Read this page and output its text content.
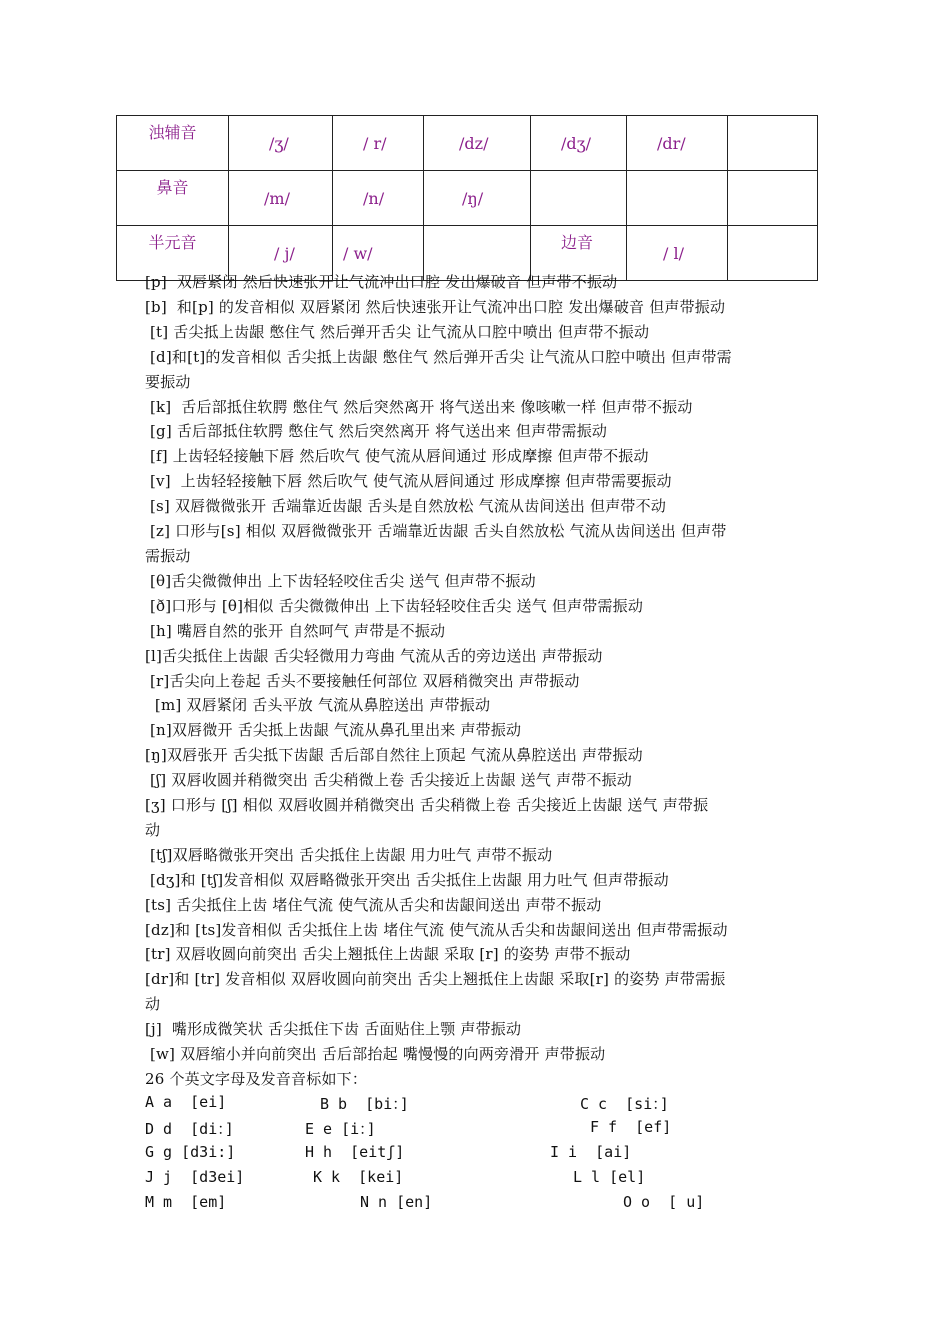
浊辅音	/ʒ/	/ r/	/dz/	/dʒ/	/dr/	
鼻音	/m/	/n/	/ŋ/			
半元音	/ j/	/ w/		边音	/ l/	
[p]  双唇紧闭 然后快速张开让气流冲出口腔 发出爆破音 但声带不振动
[b]  和[p] 的发音相似 双唇紧闭 然后快速张开让气流冲出口腔 发出爆破音 但声带振动
[t] 舌尖抵上齿龈 憋住气 然后弹开舌尖 让气流从口腔中喷出 但声带不振动
[d]和[t]的发音相似 舌尖抵上齿龈 憋住气 然后弹开舌尖 让气流从口腔中喷出 但声带需
要振动
[k]  舌后部抵住软腭 憋住气 然后突然离开 将气送出来 像咳嗽一样 但声带不振动
[g] 舌后部抵住软腭 憋住气 然后突然离开 将气送出来 但声带需振动
[f] 上齿轻轻接触下唇 然后吹气 使气流从唇间通过 形成摩擦 但声带不振动
[v]  上齿轻轻接触下唇 然后吹气 使气流从唇间通过 形成摩擦 但声带需要振动
[s] 双唇微微张开 舌端靠近齿龈 舌头是自然放松 气流从齿间送出 但声带不动
[z] 口形与[s] 相似 双唇微微张开 舌端靠近齿龈 舌头自然放松 气流从齿间送出 但声带
需振动
[θ]舌尖微微伸出 上下齿轻轻咬住舌尖 送气 但声带不振动
[ð]口形与 [θ]相似 舌尖微微伸出 上下齿轻轻咬住舌尖 送气 但声带需振动
[h] 嘴唇自然的张开 自然呵气 声带是不振动
[l]舌尖抵住上齿龈 舌尖轻微用力弯曲 气流从舌的旁边送出 声带振动
[r]舌尖向上卷起 舌头不要接触任何部位 双唇稍微突出 声带振动
[m] 双唇紧闭 舌头平放 气流从鼻腔送出 声带振动
[n]双唇微开 舌尖抵上齿龈 气流从鼻孔里出来 声带振动
[ŋ]双唇张开 舌尖抵下齿龈 舌后部自然往上顶起 气流从鼻腔送出 声带振动
[ʃ] 双唇收圆并稍微突出 舌尖稍微上卷 舌尖接近上齿龈 送气 声带不振动
[ʒ] 口形与 [ʃ] 相似 双唇收圆并稍微突出 舌尖稍微上卷 舌尖接近上齿龈 送气 声带振
动
[tʃ]双唇略微张开突出 舌尖抵住上齿龈 用力吐气 声带不振动
[dʒ]和 [tʃ]发音相似 双唇略微张开突出 舌尖抵住上齿龈 用力吐气 但声带振动
[ts] 舌尖抵住上齿 堵住气流 使气流从舌尖和齿龈间送出 声带不振动
[dz]和 [ts]发音相似 舌尖抵住上齿 堵住气流 使气流从舌尖和齿龈间送出 但声带需振动
[tr] 双唇收圆向前突出 舌尖上翘抵住上齿龈 采取 [r] 的姿势 声带不振动
[dr]和 [tr] 发音相似 双唇收圆向前突出 舌尖上翘抵住上齿龈 采取[r] 的姿势 声带需振
动
[j]  嘴形成微笑状 舌尖抵住下齿 舌面贴住上颚 声带振动
[w] 双唇缩小并向前突出 舌后部抬起 嘴慢慢的向两旁滑开 声带振动
26 个英文字母及发音音标如下：
A a  [ei]	B b  [bi：]	C c  [si：]
D d  [di：]	E e [i：]	F f  [ef]
G g [d3i:]	H h  [eitʃ]	I i  [ai]
J j  [d3ei]	K k  [kei]	L l [el]
M m  [em]	N n [en]	O o  [ u]
